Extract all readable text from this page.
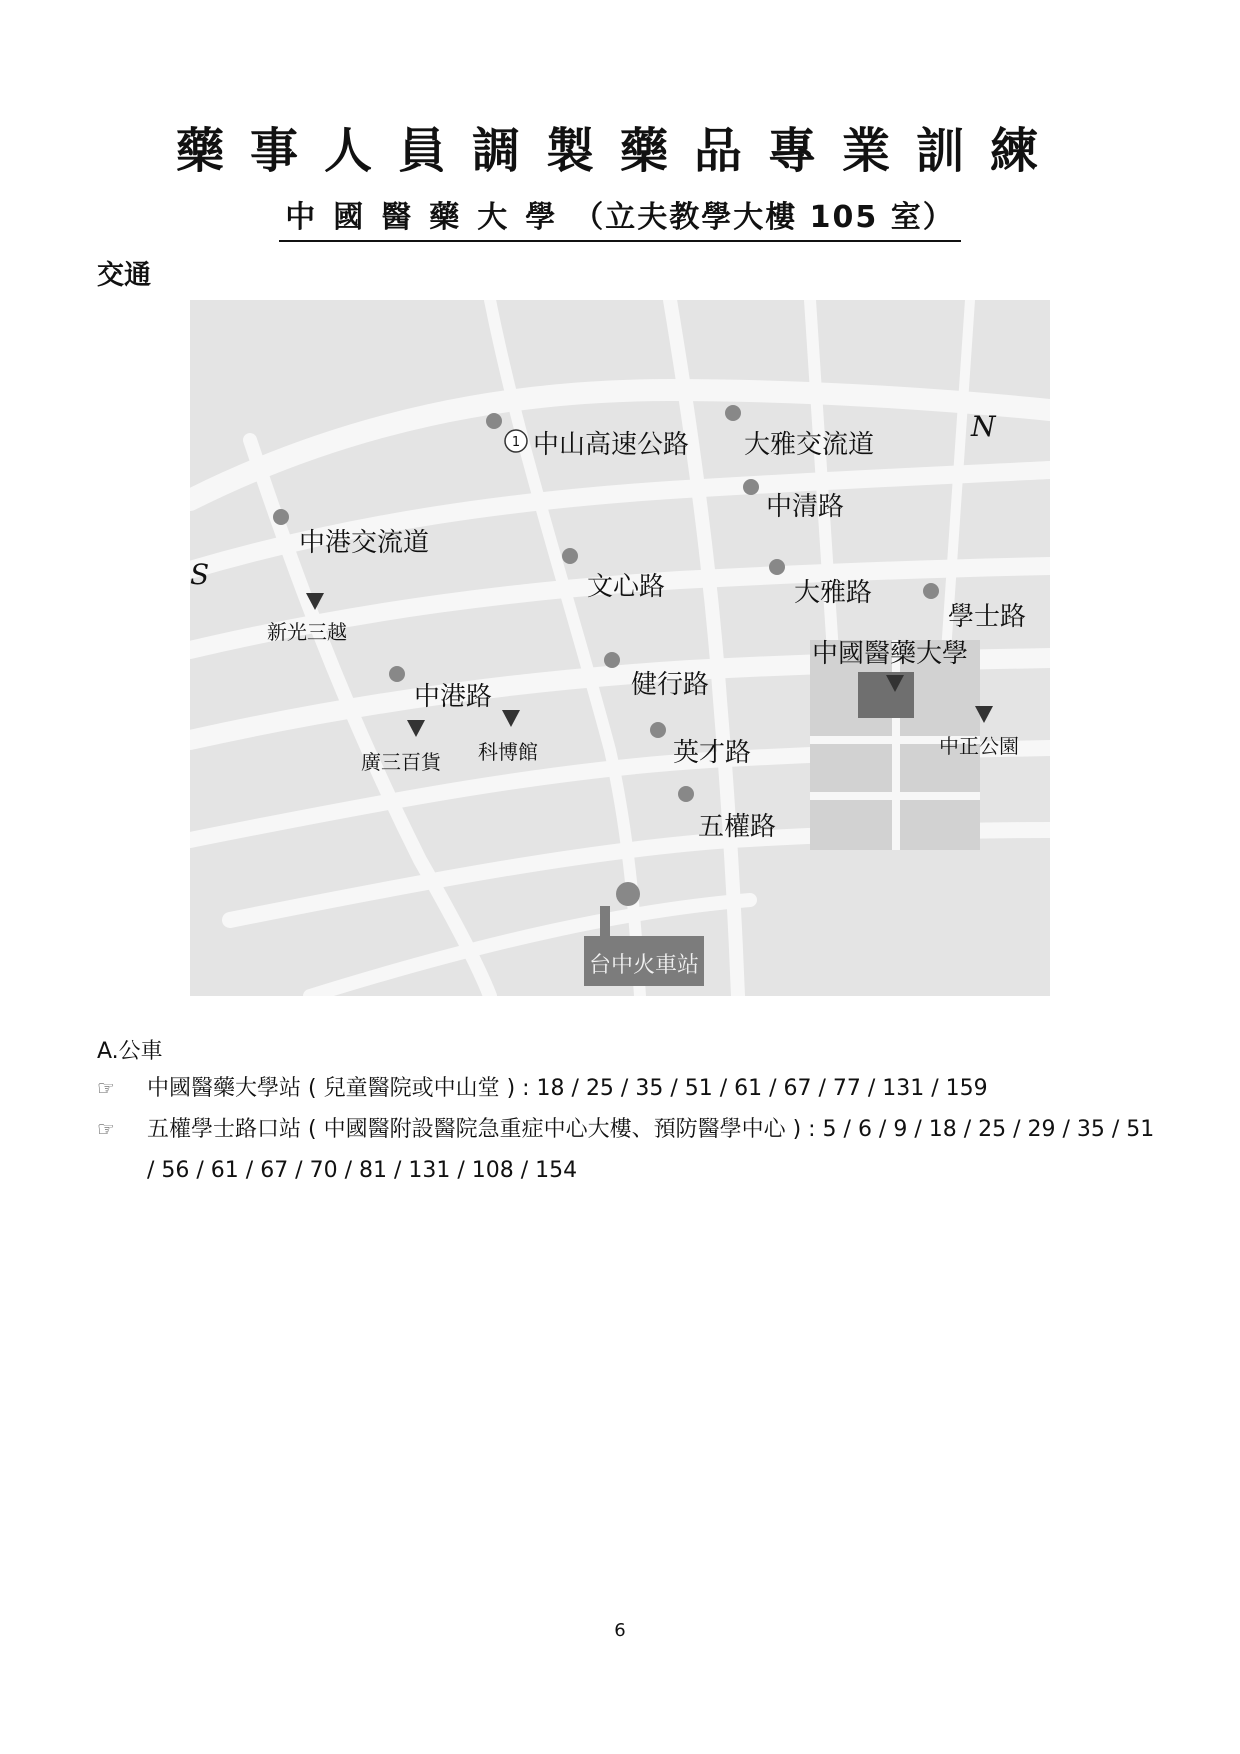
藥事人員調製藥品專業訓練
中國醫藥大學（立夫教學大樓 105 室）
交通
1 中山高速公路 大雅交流道
N
中清路
中港交流道
S	文心路	大雅路
學士路
新光三越
中國醫藥大學
健行路
中港路
中正公園
科博館
廣三百貨	英才路
五權路
台中火車站

A.公車

☞ 中國醫藥大學站 ( 兒童醫院或中山堂 ) : 18 / 25 / 35 / 51 / 61 / 67 / 77 / 131 / 159
☞ 五權學士路口站 ( 中國醫附設醫院急重症中心大樓、預防醫學中心 ) : 5 / 6 / 9 / 18 / 25 / 29 / 35 / 51 / 56 / 61 / 67 / 70 / 81 / 131 / 108 / 154
6
